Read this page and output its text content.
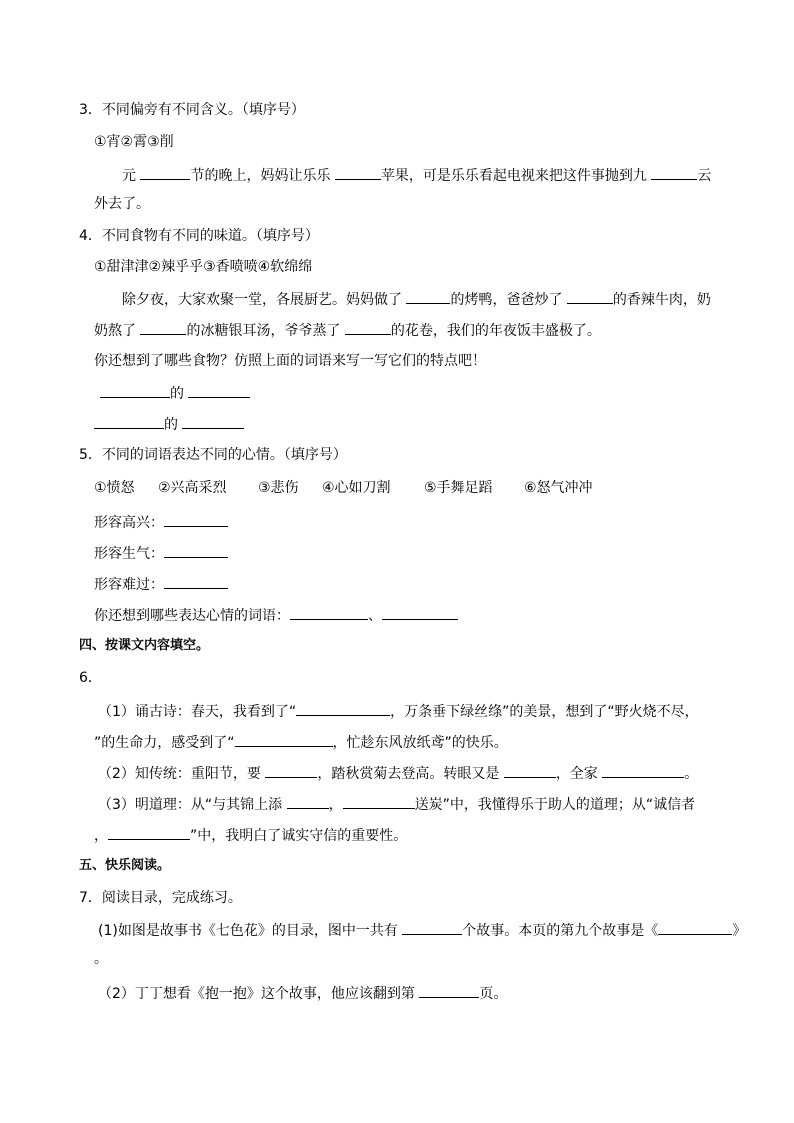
3．不同偏旁有不同含义。（填序号）
①宵②霄③削
元	节的晚上，妈妈让乐乐	苹果，可是乐乐看起电视来把这件事抛到九	云
外去了。
4．不同食物有不同的味道。（填序号）
①甜津津②辣乎乎③香喷喷④软绵绵
除夕夜，大家欢聚一堂，各展厨艺。妈妈做了	的烤鸭，爸爸炒了	的香辣牛肉，奶
奶熬了	的冰糖银耳汤，爷爷蒸了	的花卷，我们的年夜饭丰盛极了。
你还想到了哪些食物？仿照上面的词语来写一写它们的特点吧！
的
的
5．不同的词语表达不同的心情。（填序号）
①愤怒 ②兴高采烈 ③悲伤 ④心如刀割 ⑤手舞足蹈 ⑥怒气冲冲
形容高兴：
形容生气：
形容难过：
你还想到哪些表达心情的词语：	、
四、按课文内容填空。
6．
（1）诵古诗：春天，我看到了“	，万条垂下绿丝绦”的美景，想到了“野火烧不尽，
”的生命力，感受到了“	，忙趁东风放纸鸢”的快乐。
（2）知传统：重阳节，要	，踏秋赏菊去登高。转眼又是	，全家	。
（3）明道理：从“与其锦上添	，	送炭”中，我懂得乐于助人的道理；从“诚信者
，	”中，我明白了诚实守信的重要性。
五、快乐阅读。
7．阅读目录，完成练习。
(1)如图是故事书《七色花》的目录，图中一共有	个故事。本页的第九个故事是《	》
。
（2）丁丁想看《抱一抱》这个故事，他应该翻到第	页。
